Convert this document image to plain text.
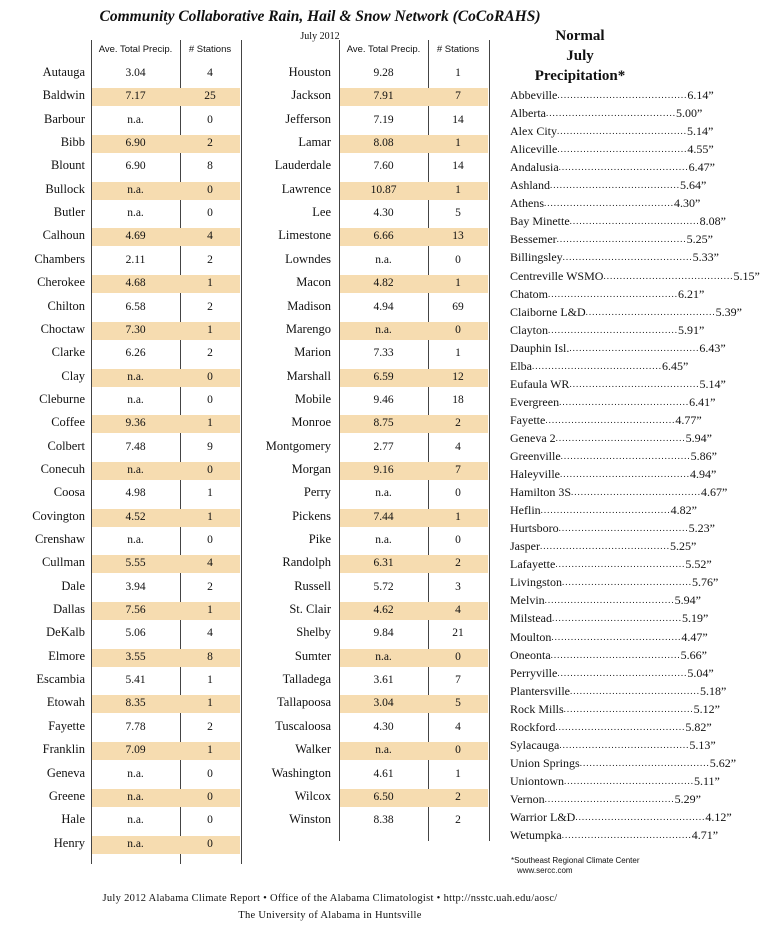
Community Collaborative Rain, Hail & Snow Network (CoCoRAHS)
July 2012
Ave. Total Precip.	# Stations
Autauga	3.04	4
Baldwin	7.17	25
Barbour	n.a.	0
Bibb	6.90	2
Blount	6.90	8
Bullock	n.a.	0
Butler	n.a.	0
Calhoun	4.69	4
Chambers	2.11	2
Cherokee	4.68	1
Chilton	6.58	2
Choctaw	7.30	1
Clarke	6.26	2
Clay	n.a.	0
Cleburne	n.a.	0
Coffee	9.36	1
Colbert	7.48	9
Conecuh	n.a.	0
Coosa	4.98	1
Covington	4.52	1
Crenshaw	n.a.	0
Cullman	5.55	4
Dale	3.94	2
Dallas	7.56	1
DeKalb	5.06	4
Elmore	3.55	8
Escambia	5.41	1
Etowah	8.35	1
Fayette	7.78	2
Franklin	7.09	1
Geneva	n.a.	0
Greene	n.a.	0
Hale	n.a.	0
Henry	n.a.	0
Ave. Total Precip.	# Stations
Houston	9.28	1
Jackson	7.91	7
Jefferson	7.19	14
Lamar	8.08	1
Lauderdale	7.60	14
Lawrence	10.87	1
Lee	4.30	5
Limestone	6.66	13
Lowndes	n.a.	0
Macon	4.82	1
Madison	4.94	69
Marengo	n.a.	0
Marion	7.33	1
Marshall	6.59	12
Mobile	9.46	18
Monroe	8.75	2
Montgomery	2.77	4
Morgan	9.16	7
Perry	n.a.	0
Pickens	7.44	1
Pike	n.a.	0
Randolph	6.31	2
Russell	5.72	3
St. Clair	4.62	4
Shelby	9.84	21
Sumter	n.a.	0
Talladega	3.61	7
Tallapoosa	3.04	5
Tuscaloosa	4.30	4
Walker	n.a.	0
Washington	4.61	1
Wilcox	6.50	2
Winston	8.38	2
Normal
July
Precipitation*
Abbeville ........................................ 6.14”
Alberta ........................................ 5.00”
Alex City ........................................ 5.14”
Aliceville ........................................ 4.55”
Andalusia ........................................ 6.47”
Ashland ........................................ 5.64”
Athens ........................................ 4.30”
Bay Minette ........................................ 8.08”
Bessemer ........................................ 5.25”
Billingsley ........................................ 5.33”
Centreville WSMO ........................................ 5.15”
Chatom ........................................ 6.21”
Claiborne L&D ........................................ 5.39”
Clayton ........................................ 5.91”
Dauphin Isl. ........................................ 6.43”
Elba ........................................ 6.45”
Eufaula WR ........................................ 5.14”
Evergreen ........................................ 6.41”
Fayette ........................................ 4.77”
Geneva 2 ........................................ 5.94”
Greenville ........................................ 5.86”
Haleyville ........................................ 4.94”
Hamilton 3S ........................................ 4.67”
Heflin ........................................ 4.82”
Hurtsboro ........................................ 5.23”
Jasper ........................................ 5.25”
Lafayette ........................................ 5.52”
Livingston ........................................ 5.76”
Melvin ........................................ 5.94”
Milstead ........................................ 5.19”
Moulton ........................................ 4.47”
Oneonta ........................................ 5.66”
Perryville ........................................ 5.04”
Plantersville ........................................ 5.18”
Rock Mills ........................................ 5.12”
Rockford ........................................ 5.82”
Sylacauga ........................................ 5.13”
Union Springs ........................................ 5.62”
Uniontown ........................................ 5.11”
Vernon ........................................ 5.29”
Warrior L&D ........................................ 4.12”
Wetumpka ........................................ 4.71”
*Southeast Regional Climate Center
www.sercc.com
July 2012 Alabama Climate Report • Office of the Alabama Climatologist • http://nsstc.uah.edu/aosc/
The University of Alabama in Huntsville
